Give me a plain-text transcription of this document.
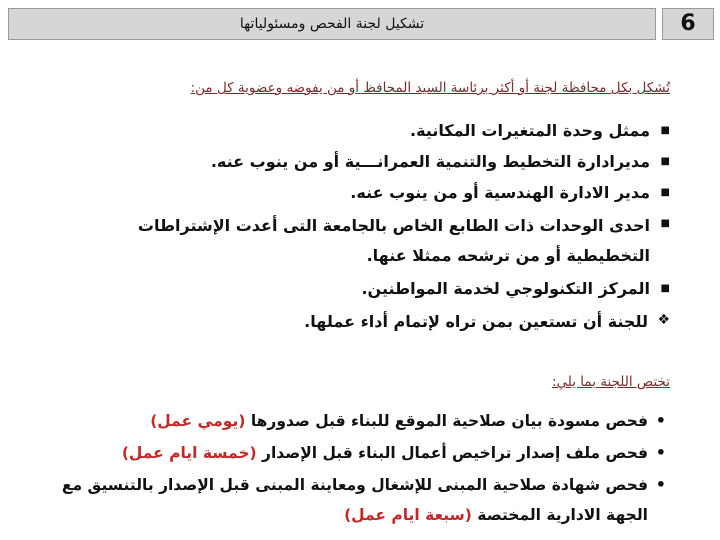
تشكيل لجنة الفحص ومسئولياتها	6
تُشكل بكل محافظة لجنة أو أكثر برئاسة السيد المحافظ أو من يفوضه وعضوية كل من:
■
ممثل وحدة المتغيرات المكانية.
■
مديرادارة التخطيط والتنمية العمرانـــية أو من ينوب عنه.
■
مدير الادارة الهندسية أو من ينوب عنه.
■
احدى الوحدات ذات الطابع الخاص بالجامعة التى أعدت الإشتراطات التخطيطية أو من ترشحه ممثلا عنها.
■
المركز التكنولوجي لخدمة المواطنين.
❖
للجنة أن تستعين بمن تراه لإتمام أداء عملها.
تختص اللجنة بما يلي:
•
فحص مسودة بيان صلاحية الموقع للبناء قبل صدورها (يومي عمل)
•
فحص ملف إصدار تراخيص أعمال البناء قبل الإصدار (خمسة ايام عمل)
•
فحص شهادة صلاحية المبنى للإشغال ومعاينة المبنى قبل الإصدار بالتنسيق مع الجهة الادارية المختصة (سبعة ايام عمل)
